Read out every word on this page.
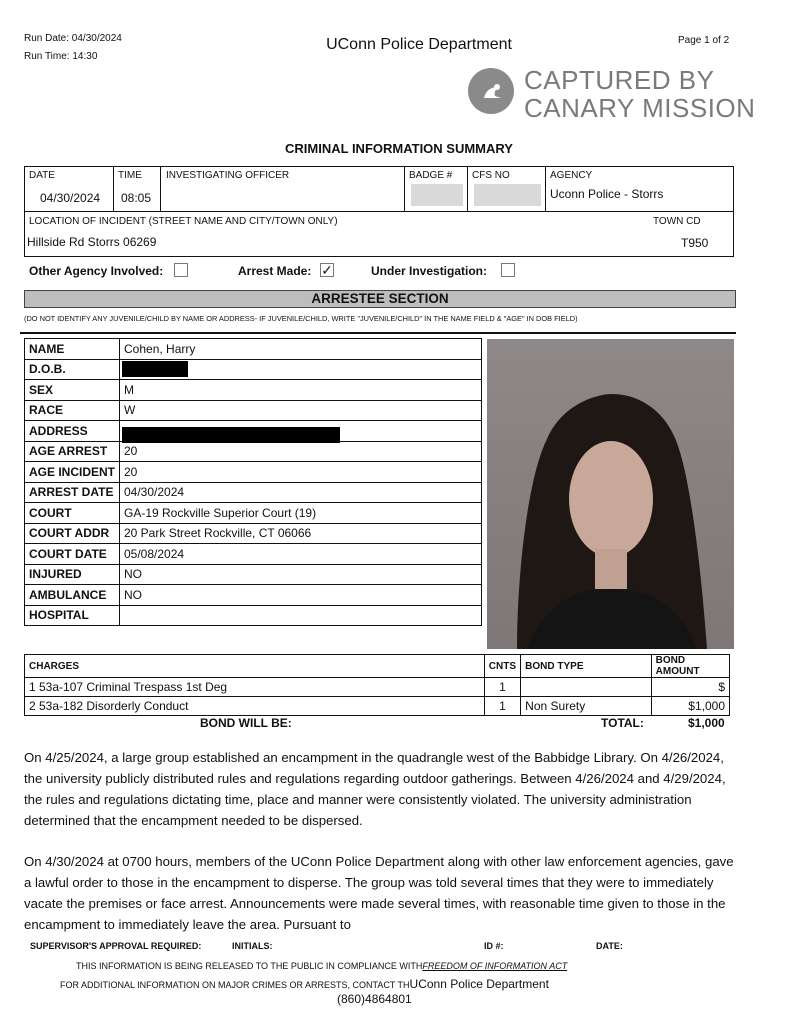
Run Date: 04/30/2024
Run Time: 14:30
UConn Police Department	Page 1 of 2
CAPTURED BY
CANARY MISSION
CRIMINAL INFORMATION SUMMARY
DATE
04/30/2024
TIME
08:05
INVESTIGATING OFFICER	BADGE # CFS NO	AGENCY
Uconn Police - Storrs
LOCATION OF INCIDENT (STREET NAME AND CITY/TOWN ONLY)
Hillside Rd Storrs 06269
TOWN CD
T950
Other Agency Involved:	Arrest Made: ✓	Under Investigation:
ARRESTEE SECTION
(DO NOT IDENTIFY ANY JUVENILE/CHILD BY NAME OR ADDRESS- IF JUVENILE/CHILD, WRITE "JUVENILE/CHILD" IN THE NAME FIELD & "AGE" IN DOB FIELD)
NAME	Cohen, Harry
D.O.B.	
SEX	M
RACE	W
ADDRESS	
AGE ARREST	20
AGE INCIDENT	20
ARREST DATE	04/30/2024
COURT	GA-19 Rockville Superior Court (19)
COURT ADDR	20 Park Street Rockville, CT 06066
COURT DATE	05/08/2024
INJURED	NO
AMBULANCE	NO
HOSPITAL	
CHARGES	CNTS	BOND TYPE	BOND AMOUNT
1 53a-107 Criminal Trespass 1st Deg	1		$
2 53a-182 Disorderly Conduct	1	Non Surety	$1,000
BOND WILL BE:	TOTAL:	$1,000
On 4/25/2024, a large group established an encampment in the quadrangle west of the Babbidge Library. On 4/26/2024, the university publicly distributed rules and regulations regarding outdoor gatherings. Between 4/26/2024 and 4/29/2024, the rules and regulations dictating time, place and manner were consistently violated. The university administration determined that the encampment needed to be dispersed.
On 4/30/2024 at 0700 hours, members of the UConn Police Department along with other law enforcement agencies, gave a lawful order to those in the encampment to disperse. The group was told several times that they were to immediately vacate the premises or face arrest. Announcements were made several times, with reasonable time given to those in the encampment to immediately leave the area. Pursuant to
SUPERVISOR'S APPROVAL REQUIRED:	INITIALS:	ID #:	DATE:
THIS INFORMATION IS BEING RELEASED TO THE PUBLIC IN COMPLIANCE WITHFREEDOM OF INFORMATION ACT
FOR ADDITIONAL INFORMATION ON MAJOR CRIMES OR ARRESTS, CONTACT THUConn Police Department
(860)4864801
